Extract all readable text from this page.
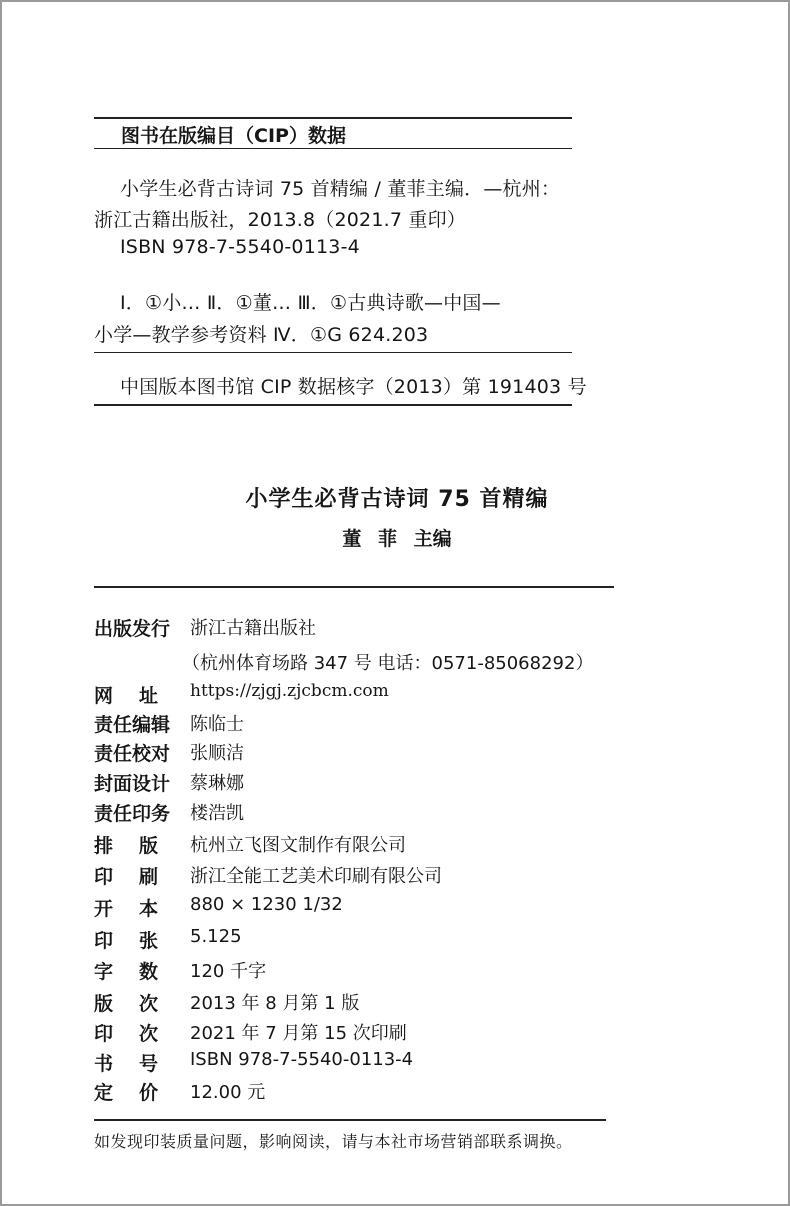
图书在版编目（CIP）数据
小学生必背古诗词 75 首精编 / 董菲主编．—杭州：
浙江古籍出版社，2013.8（2021.7 重印）
ISBN 978-7-5540-0113-4
Ⅰ．①小… Ⅱ．①董… Ⅲ．①古典诗歌—中国—
小学—教学参考资料 Ⅳ．①G 624.203
中国版本图书馆 CIP 数据核字（2013）第 191403 号
小学生必背古诗词 75 首精编
董 菲 主编
出版发行 浙江古籍出版社
（杭州体育场路 347 号 电话：0571-85068292）
网址 https://zjgj.zjcbcm.com
责任编辑 陈临士
责任校对 张顺洁
封面设计 蔡琳娜
责任印务 楼浩凯
排版 杭州立飞图文制作有限公司
印刷 浙江全能工艺美术印刷有限公司
开本 880 × 1230 1/32
印张 5.125
字数 120 千字
版次 2013 年 8 月第 1 版
印次 2021 年 7 月第 15 次印刷
书号 ISBN 978-7-5540-0113-4
定价 12.00 元
如发现印装质量问题，影响阅读，请与本社市场营销部联系调换。
